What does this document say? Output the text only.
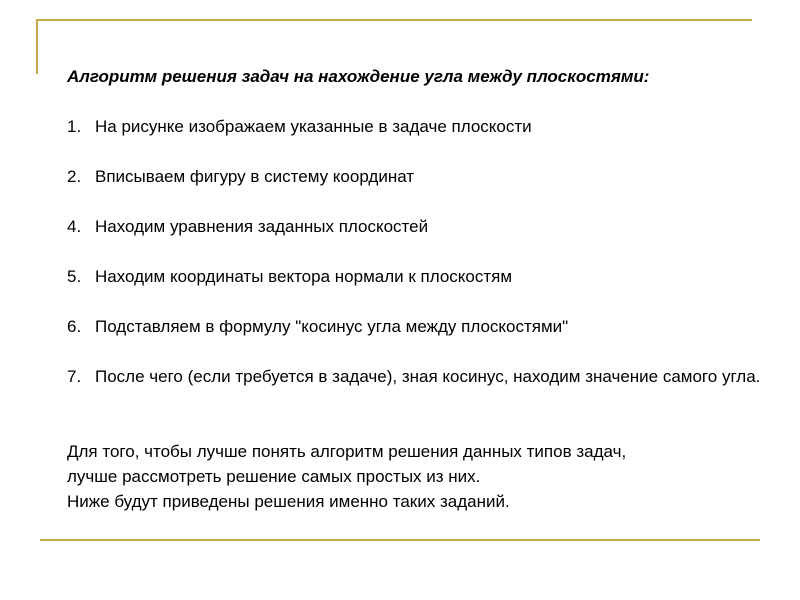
Алгоритм решения задач на нахождение угла между плоскостями:

1. На рисунке изображаем указанные в задаче плоскости
2. Вписываем фигуру в систему координат
4. Находим уравнения заданных плоскостей
5. Находим координаты вектора нормали к плоскостям
6. Подставляем в формулу "косинус угла между плоскостями"
7. После чего (если требуется в задаче), зная косинус, находим значение самого угла.
Для того, чтобы лучше понять алгоритм решения данных типов задач,
лучше рассмотреть решение самых простых из них.
Ниже будут приведены решения именно таких заданий.
